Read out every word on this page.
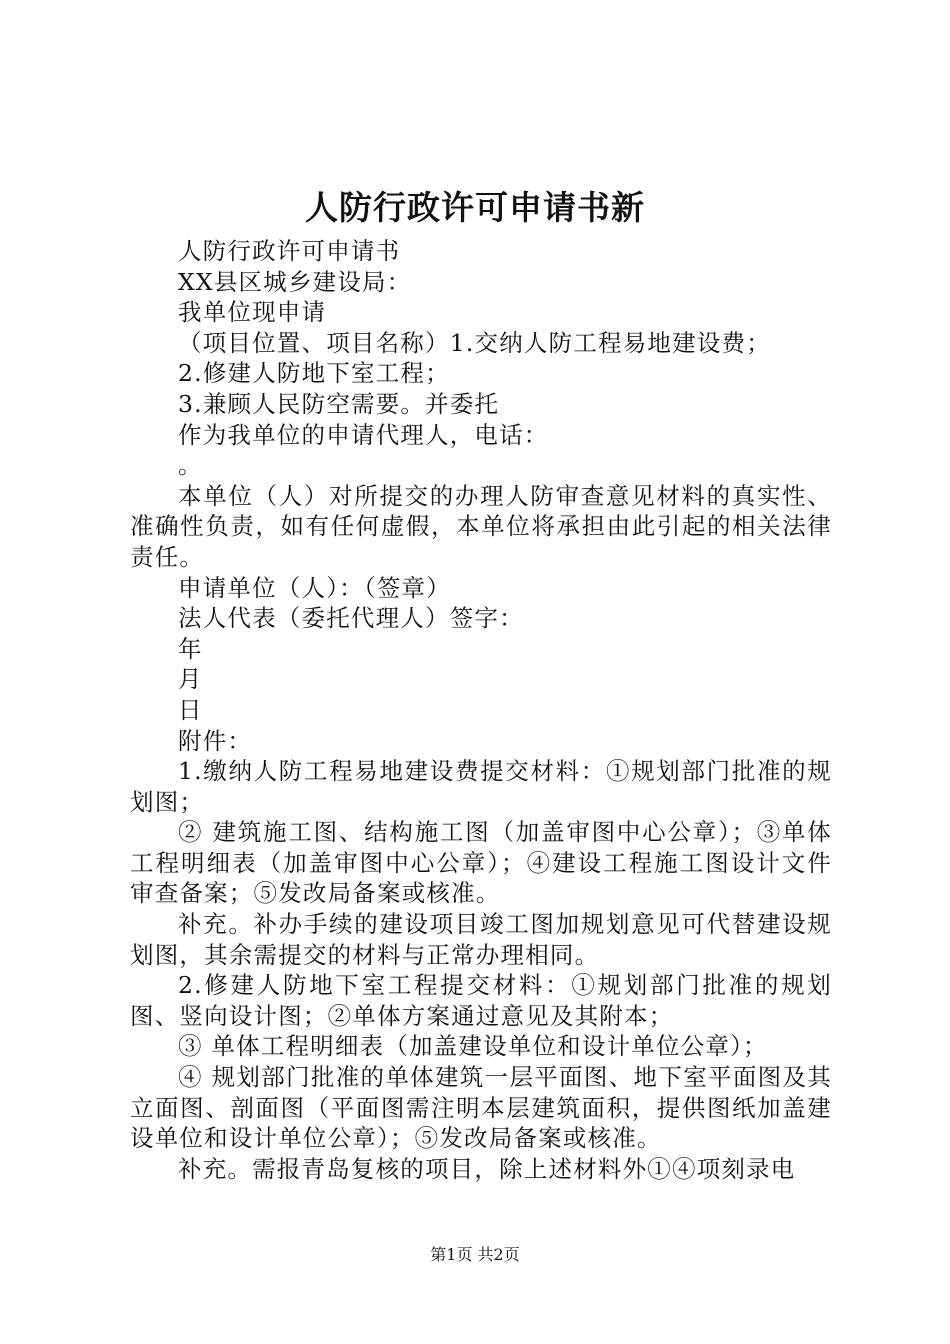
人防行政许可申请书新

人防行政许可申请书

XX县区城乡建设局：

我单位现申请

（项目位置、项目名称）1.交纳人防工程易地建设费；

2.修建人防地下室工程；

3.兼顾人民防空需要。并委托

作为我单位的申请代理人，电话：

。

本单位（人）对所提交的办理人防审查意见材料的真实性、准确性负责，如有任何虚假，本单位将承担由此引起的相关法律责任。

申请单位（人）：（签章）

法人代表（委托代理人）签字：

年

月

日

附件：

1.缴纳人防工程易地建设费提交材料：①规划部门批准的规划图；

② 建筑施工图、结构施工图（加盖审图中心公章）；③单体工程明细表（加盖审图中心公章）；④建设工程施工图设计文件审查备案；⑤发改局备案或核准。

补充。补办手续的建设项目竣工图加规划意见可代替建设规划图，其余需提交的材料与正常办理相同。

2.修建人防地下室工程提交材料：①规划部门批准的规划图、竖向设计图；②单体方案通过意见及其附本；

③ 单体工程明细表（加盖建设单位和设计单位公章）；

④ 规划部门批准的单体建筑一层平面图、地下室平面图及其立面图、剖面图（平面图需注明本层建筑面积，提供图纸加盖建设单位和设计单位公章）；⑤发改局备案或核准。

补充。需报青岛复核的项目，除上述材料外①④项刻录电

第1页 共2页
